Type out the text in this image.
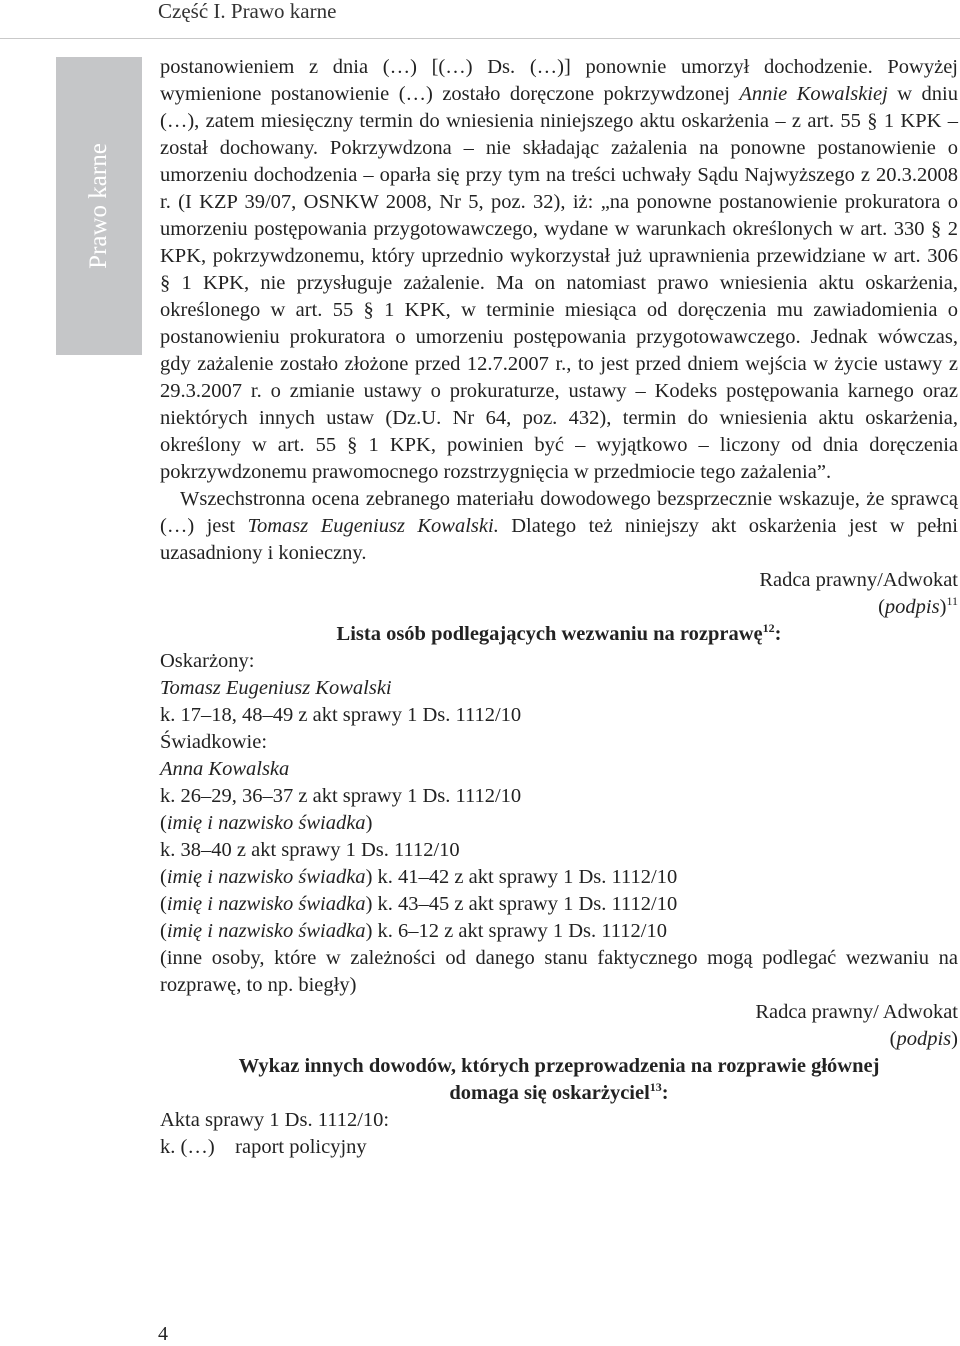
Część I. Prawo karne
Prawo karne

postanowieniem z dnia (…) [(…) Ds. (…)] ponownie umorzył dochodzenie. Powyżej wymienione postanowienie (…) zostało doręczone pokrzywdzonej Annie Kowalskiej w dniu (…), zatem miesięczny termin do wniesienia niniejszego aktu oskarżenia – z art. 55 § 1 KPK – został dochowany. Pokrzywdzona – nie składając zażalenia na ponowne postanowienie o umorzeniu dochodzenia – oparła się przy tym na treści uchwały Sądu Najwyższego z 20.3.2008 r. (I KZP 39/07, OSNKW 2008, Nr 5, poz. 32), iż: „na ponowne postanowienie prokuratora o umorzeniu postępowania przygotowawczego, wydane w warunkach określonych w art. 330 § 2 KPK, pokrzywdzonemu, który uprzednio wykorzystał już uprawnienia przewidziane w art. 306 § 1 KPK, nie przysługuje zażalenie. Ma on natomiast prawo wniesienia aktu oskarżenia, określonego w art. 55 § 1 KPK, w terminie miesiąca od doręczenia mu zawiadomienia o postanowieniu prokuratora o umorzeniu postępowania przygotowawczego. Jednak wówczas, gdy zażalenie zostało złożone przed 12.7.2007 r., to jest przed dniem wejścia w życie ustawy z 29.3.2007 r. o zmianie ustawy o prokuraturze, ustawy – Kodeks postępowania karnego oraz niektórych innych ustaw (Dz.U. Nr 64, poz. 432), termin do wniesienia aktu oskarżenia, określony w art. 55 § 1 KPK, powinien być – wyjątkowo – liczony od dnia doręczenia pokrzywdzonemu prawomocnego rozstrzygnięcia w przedmiocie tego zażalenia”.

Wszechstronna ocena zebranego materiału dowodowego bezsprzecznie wskazuje, że sprawcą (…) jest Tomasz Eugeniusz Kowalski. Dlatego też niniejszy akt oskarżenia jest w pełni uzasadniony i konieczny.

Radca prawny/Adwokat

(podpis)$^{11}$

Lista osób podlegających wezwaniu na rozprawę$^{12}$:

Oskarżony:

Tomasz Eugeniusz Kowalski

k. 17–18, 48–49 z akt sprawy 1 Ds. 1112/10

Świadkowie:

Anna Kowalska

k. 26–29, 36–37 z akt sprawy 1 Ds. 1112/10

(imię i nazwisko świadka)

k. 38–40 z akt sprawy 1 Ds. 1112/10

(imię i nazwisko świadka) k. 41–42 z akt sprawy 1 Ds. 1112/10

(imię i nazwisko świadka) k. 43–45 z akt sprawy 1 Ds. 1112/10

(imię i nazwisko świadka) k. 6–12 z akt sprawy 1 Ds. 1112/10

(inne osoby, które w zależności od danego stanu faktycznego mogą podlegać wezwaniu na rozprawę, to np. biegły)

Radca prawny/ Adwokat

(podpis)

Wykaz innych dowodów, których przeprowadzenia na rozprawie głównej
domaga się oskarżyciel$^{13}$:

Akta sprawy 1 Ds. 1112/10:

k. (…)    raport policyjny

4
